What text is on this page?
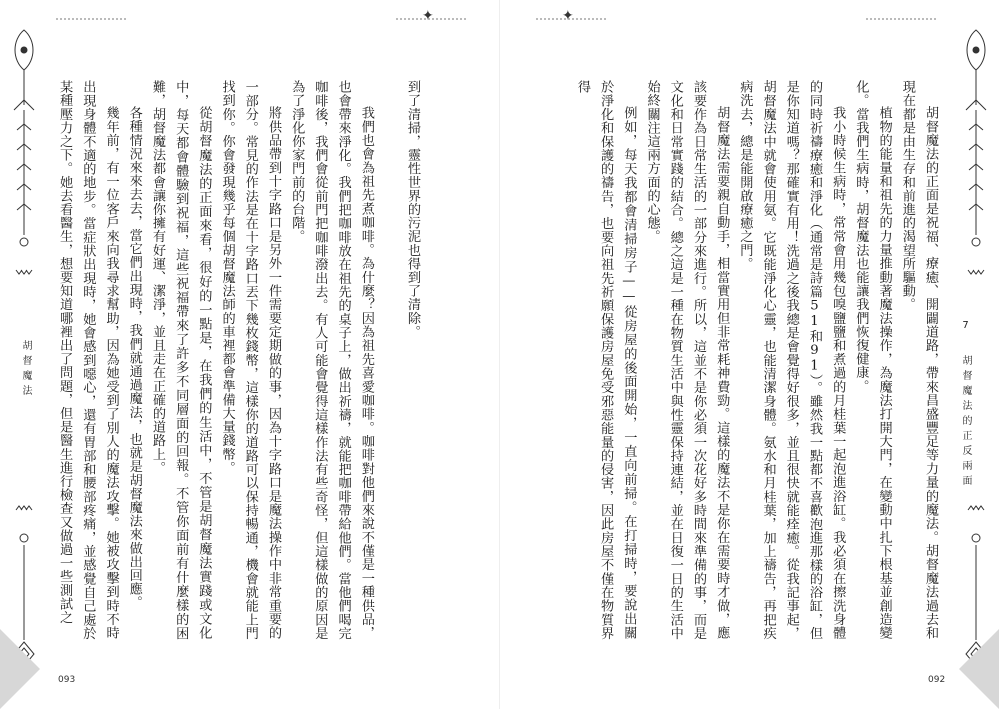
✦
胡督魔法

到了清掃，靈性世界的污泥也得到了清除。

我們也會為祖先煮咖啡。為什麼？因為祖先喜愛咖啡。咖啡對他們來說不僅是一種供品，也會帶來淨化。我們把咖啡放在祖先的桌子上，做出祈禱，就能把咖啡帶給他們。當他們喝完咖啡後，我們會從前門把咖啡潑出去。有人可能會覺得這樣作法有些奇怪，但這樣做的原因是為了淨化你家門前的台階。

將供品帶到十字路口是另外一件需要定期做的事，因為十字路口是魔法操作中非常重要的一部分。常見的作法是在十字路口丟下幾枚錢幣，這樣你的道路可以保持暢通，機會就能上門找到你。你會發現幾乎每個胡督魔法師的車裡都會準備大量錢幣。

從胡督魔法的正面來看，很好的一點是，在我們的生活中，不管是胡督魔法實踐或文化中，每天都會體驗到祝福，這些祝福帶來了許多不同層面的回報。不管你面前有什麼樣的困難，胡督魔法都會讓你擁有好運、潔淨，並且走在正確的道路上。

各種情況來來去去，當它們出現時，我們就通過魔法，也就是胡督魔法來做出回應。

幾年前，有一位客戶來向我尋求幫助，因為她受到了別人的魔法攻擊。她被攻擊到時不時出現身體不適的地步。當症狀出現時，她會感到噁心，還有胃部和腰部疼痛，並感覺自己處於某種壓力之下。她去看醫生，想要知道哪裡出了問題，但是醫生進行檢查又做過一些測試之

093
✦
7 胡督魔法的正反兩面

胡督魔法的正面是祝福、療癒、開闢道路，帶來昌盛豐足等力量的魔法。胡督魔法過去和現在都是由生存和前進的渴望所驅動。

植物的能量和祖先的力量推動著魔法操作，為魔法打開大門，在變動中扎下根基並創造變化。當我們生病時，胡督魔法也能讓我們恢復健康。

我小時候生病時，常常會用幾包嗅鹽鹽和煮過的月桂葉一起泡進浴缸。我必須在擦洗身體的同時祈禱療癒和淨化（通常是詩篇51和91）。雖然我一點都不喜歡泡進那樣的浴缸，但是你知道嗎？那確實有用！洗過之後我總是會覺得好很多，並且很快就能痊癒。從我記事起，胡督魔法中就會使用氨。它既能淨化心靈，也能清潔身體。氨水和月桂葉，加上禱告，再把疾病洗去，總是能開啟療癒之門。

胡督魔法需要親自動手，相當實用但非常耗神費勁。這樣的魔法不是你在需要時才做，應該要作為日常生活的一部分來進行。所以，這並不是你必須一次花好多時間來準備的事，而是文化和日常實踐的結合。總之這是一種在物質生活中與性靈保持連結，並在日復一日的生活中始終關注這兩方面的心態。

例如，每天我都會清掃房子——從房屋的後面開始，一直向前掃。在打掃時，要說出關於淨化和保護的禱告，也要向祖先祈願保護房屋免受邪惡能量的侵害，因此房屋不僅在物質界得

092
